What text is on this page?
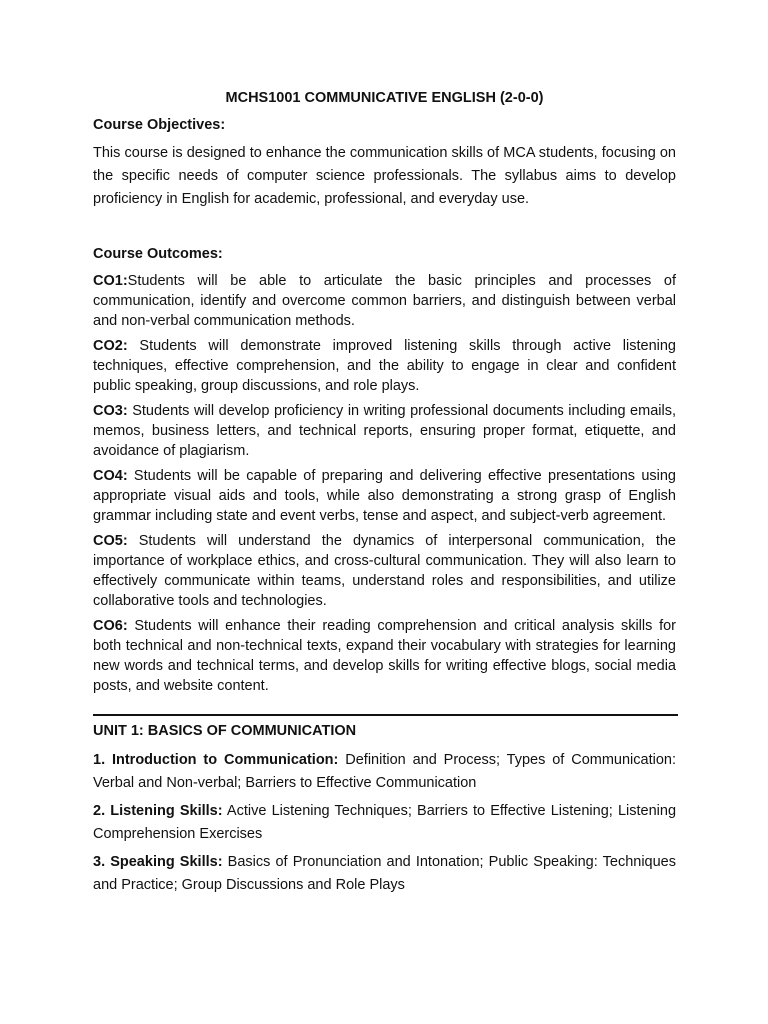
MCHS1001 COMMUNICATIVE ENGLISH (2-0-0)
Course Objectives:

This course is designed to enhance the communication skills of MCA students, focusing on the specific needs of computer science professionals. The syllabus aims to develop proficiency in English for academic, professional, and everyday use.

Course Outcomes:

CO1:Students will be able to articulate the basic principles and processes of communication, identify and overcome common barriers, and distinguish between verbal and non-verbal communication methods.

CO2: Students will demonstrate improved listening skills through active listening techniques, effective comprehension, and the ability to engage in clear and confident public speaking, group discussions, and role plays.

CO3: Students will develop proficiency in writing professional documents including emails, memos, business letters, and technical reports, ensuring proper format, etiquette, and avoidance of plagiarism.

CO4: Students will be capable of preparing and delivering effective presentations using appropriate visual aids and tools, while also demonstrating a strong grasp of English grammar including state and event verbs, tense and aspect, and subject-verb agreement.

CO5: Students will understand the dynamics of interpersonal communication, the importance of workplace ethics, and cross-cultural communication. They will also learn to effectively communicate within teams, understand roles and responsibilities, and utilize collaborative tools and technologies.

CO6: Students will enhance their reading comprehension and critical analysis skills for both technical and non-technical texts, expand their vocabulary with strategies for learning new words and technical terms, and develop skills for writing effective blogs, social media posts, and website content.

UNIT 1: BASICS OF COMMUNICATION

1. Introduction to Communication: Definition and Process; Types of Communication: Verbal and Non-verbal; Barriers to Effective Communication

2. Listening Skills: Active Listening Techniques; Barriers to Effective Listening; Listening Comprehension Exercises

3. Speaking Skills: Basics of Pronunciation and Intonation; Public Speaking: Techniques and Practice; Group Discussions and Role Plays
